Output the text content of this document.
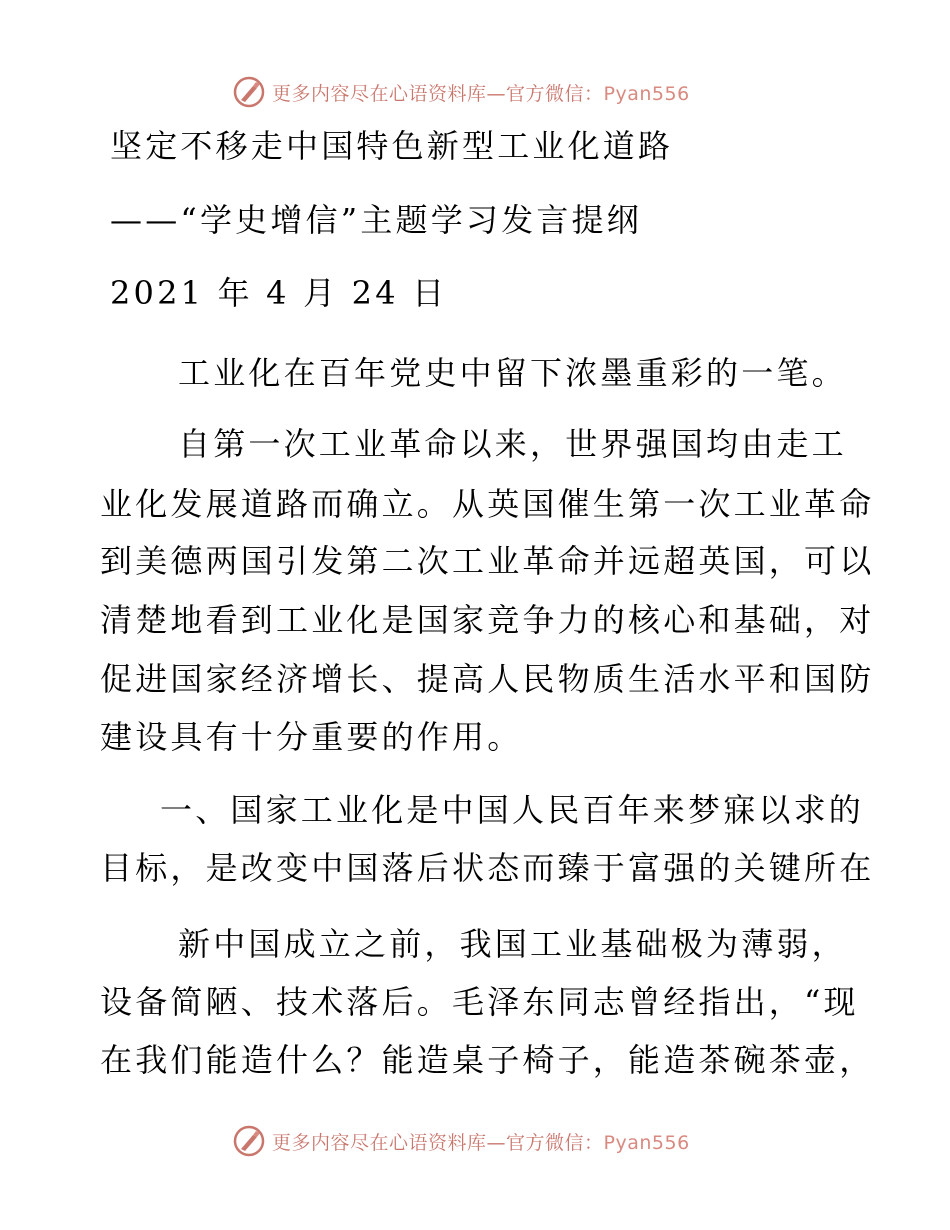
更多内容尽在心语资料库—官方微信：Pyan556
坚定不移走中国特色新型工业化道路
——“学史增信”主题学习发言提纲
2021 年 4 月 24 日
工业化在百年党史中留下浓墨重彩的一笔。
自第一次工业革命以来，世界强国均由走工
业化发展道路而确立。从英国催生第一次工业革命
到美德两国引发第二次工业革命并远超英国，可以
清楚地看到工业化是国家竞争力的核心和基础，对
促进国家经济增长、提高人民物质生活水平和国防
建设具有十分重要的作用。
一、国家工业化是中国人民百年来梦寐以求的
目标，是改变中国落后状态而臻于富强的关键所在
新中国成立之前，我国工业基础极为薄弱，
设备简陋、技术落后。毛泽东同志曾经指出，“现
在我们能造什么？能造桌子椅子，能造茶碗茶壶，
更多内容尽在心语资料库—官方微信：Pyan556
